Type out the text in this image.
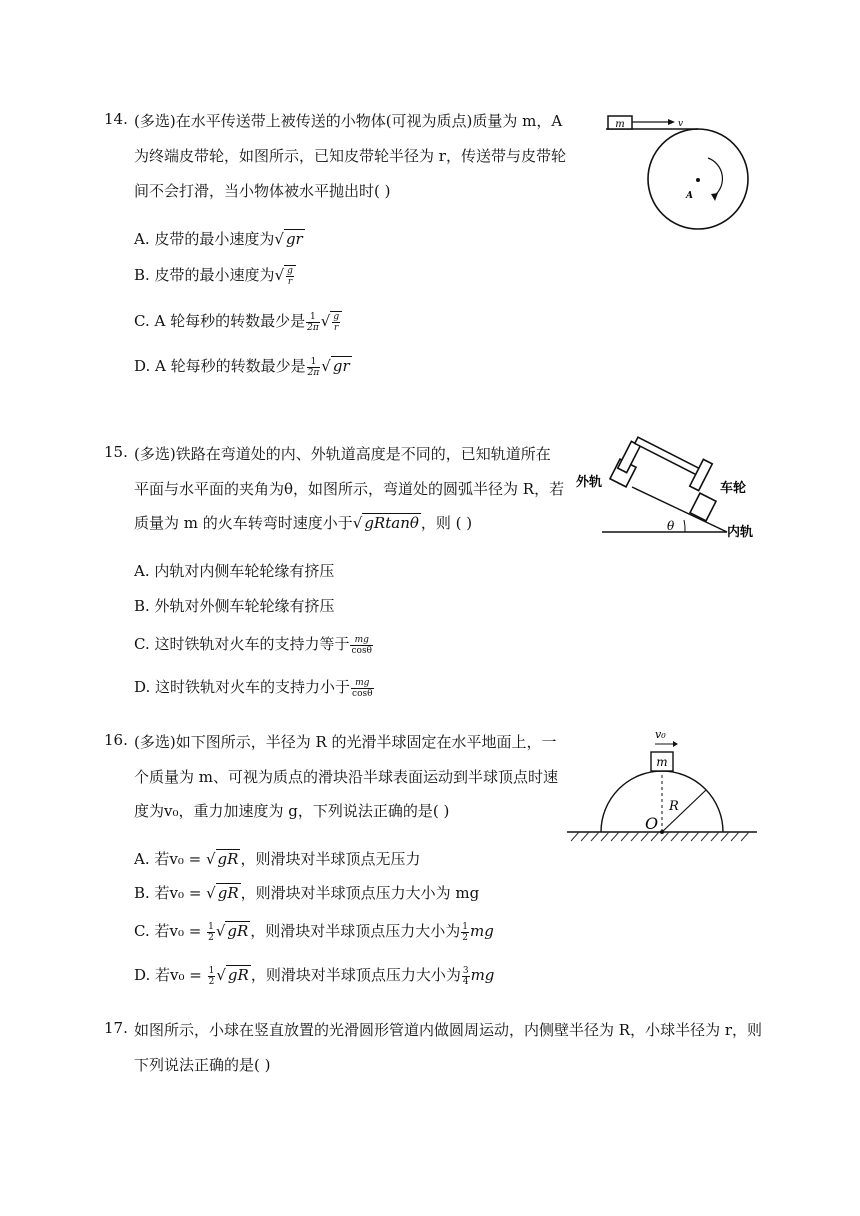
14. (多选)在水平传送带上被传送的小物体(可视为质点)质量为 m，A
为终端皮带轮，如图所示，已知皮带轮半径为 r，传送带与皮带轮
间不会打滑，当小物体被水平抛出时( )
A. 皮带的最小速度为√ gr
B. 皮带的最小速度为√ $\frac{g}{r}$
C. A 轮每秒的转数最少是 $\frac{1}{2\pi}$ √ $\frac{g}{r}$
D. A 轮每秒的转数最少是 $\frac{1}{2\pi}$ √ gr
m	v
A
15. (多选)铁路在弯道处的内、外轨道高度是不同的，已知轨道所在
平面与水平面的夹角为θ，如图所示，弯道处的圆弧半径为 R，若
质量为 m 的火车转弯时速度小于√ gRtanθ ，则 ( )
A. 内轨对内侧车轮轮缘有挤压
B. 外轨对外侧车轮轮缘有挤压
C. 这时铁轨对火车的支持力等于 $\frac{mg}{\cos\theta}$
D. 这时铁轨对火车的支持力小于 $\frac{mg}{\cos\theta}$
外轨	车轮
内轨
θ
16. (多选)如下图所示，半径为 R 的光滑半球固定在水平地面上，一
个质量为 m、可视为质点的滑块沿半球表面运动到半球顶点时速
度为v₀，重力加速度为 g，下列说法正确的是( )
A. 若v₀ = √ gR ，则滑块对半球顶点无压力
B. 若v₀ = √ gR ，则滑块对半球顶点压力大小为 mg
C. 若$v_0 = \frac{1}{2}$ √ gR ，则滑块对半球顶点压力大小为 $\frac{1}{2}$ mg
D. 若$v_0 = \frac{1}{2}$ √ gR ，则滑块对半球顶点压力大小为 $\frac{3}{4}$ mg
m
v₀
R
O
17. 如图所示，小球在竖直放置的光滑圆形管道内做圆周运动，内侧壁半径为 R，小球半径为 r，则
下列说法正确的是( )
